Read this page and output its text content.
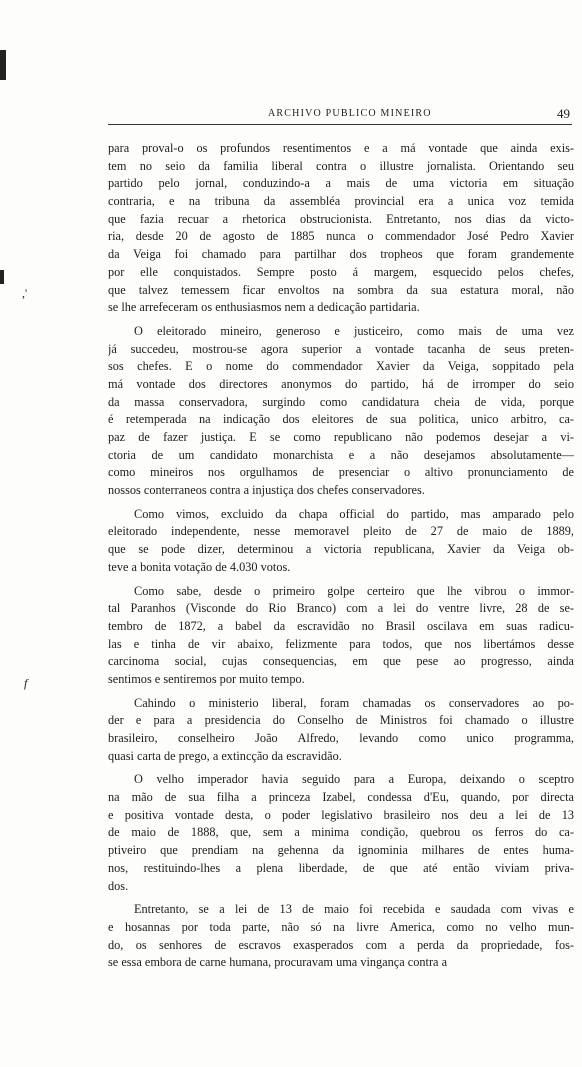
,'
f
ARCHIVO PUBLICO MINEIRO	49
para proval-o os profundos resentimentos e a má vontade que ainda exis-
tem no seio da familia liberal contra o illustre jornalista. Orientando seu
partido pelo jornal, conduzindo-a a mais de uma victoria em situação
contraria, e na tribuna da assembléa provincial era a unica voz temida
que fazia recuar a rhetorica obstrucionista. Entretanto, nos dias da victo-
ria, desde 20 de agosto de 1885 nunca o commendador José Pedro Xavier
da Veiga foi chamado para partilhar dos tropheos que foram grandemente
por elle conquistados. Sempre posto á margem, esquecido pelos chefes,
que talvez temessem ficar envoltos na sombra da sua estatura moral, não
se lhe arrefeceram os enthusiasmos nem a dedicação partidaria.
O eleitorado mineiro, generoso e justiceiro, como mais de uma vez
já succedeu, mostrou-se agora superior a vontade tacanha de seus preten-
sos chefes. E o nome do commendador Xavier da Veiga, soppitado pela
má vontade dos directores anonymos do partido, há de irromper do seio
da massa conservadora, surgindo como candidatura cheia de vida, porque
é retemperada na indicação dos eleitores de sua politica, unico arbitro, ca-
paz de fazer justiça. E se como republicano não podemos desejar a vi-
ctoria de um candidato monarchista e a não desejamos absolutamente—
como mineiros nos orgulhamos de presenciar o altivo pronunciamento de
nossos conterraneos contra a injustiça dos chefes conservadores.
Como vimos, excluido da chapa official do partido, mas amparado pelo
eleitorado independente, nesse memoravel pleito de 27 de maio de 1889,
que se pode dizer, determinou a victoria republicana, Xavier da Veiga ob-
teve a bonita votação de 4.030 votos.
Como sabe, desde o primeiro golpe certeiro que lhe vibrou o immor-
tal Paranhos (Visconde do Rio Branco) com a lei do ventre livre, 28 de se-
tembro de 1872, a babel da escravidão no Brasil oscilava em suas radicu-
las e tinha de vir abaixo, felizmente para todos, que nos libertámos desse
carcinoma social, cujas consequencias, em que pese ao progresso, ainda
sentimos e sentiremos por muito tempo.
Cahindo o ministerio liberal, foram chamadas os conservadores ao po-
der e para a presidencia do Conselho de Ministros foi chamado o illustre
brasileiro, conselheiro João Alfredo, levando como unico programma,
quasi carta de prego, a extincção da escravidão.
O velho imperador havia seguido para a Europa, deixando o sceptro
na mão de sua filha a princeza Izabel, condessa d'Eu, quando, por directa
e positiva vontade desta, o poder legislativo brasileiro nos deu a lei de 13
de maio de 1888, que, sem a minima condição, quebrou os ferros do ca-
ptiveiro que prendiam na gehenna da ignominia milhares de entes huma-
nos, restituindo-lhes a plena liberdade, de que até então viviam priva-
dos.
Entretanto, se a lei de 13 de maio foi recebida e saudada com vivas e
e hosannas por toda parte, não só na livre America, como no velho mun-
do, os senhores de escravos exasperados com a perda da propriedade, fos-
se essa embora de carne humana, procuravam uma vingança contra a
